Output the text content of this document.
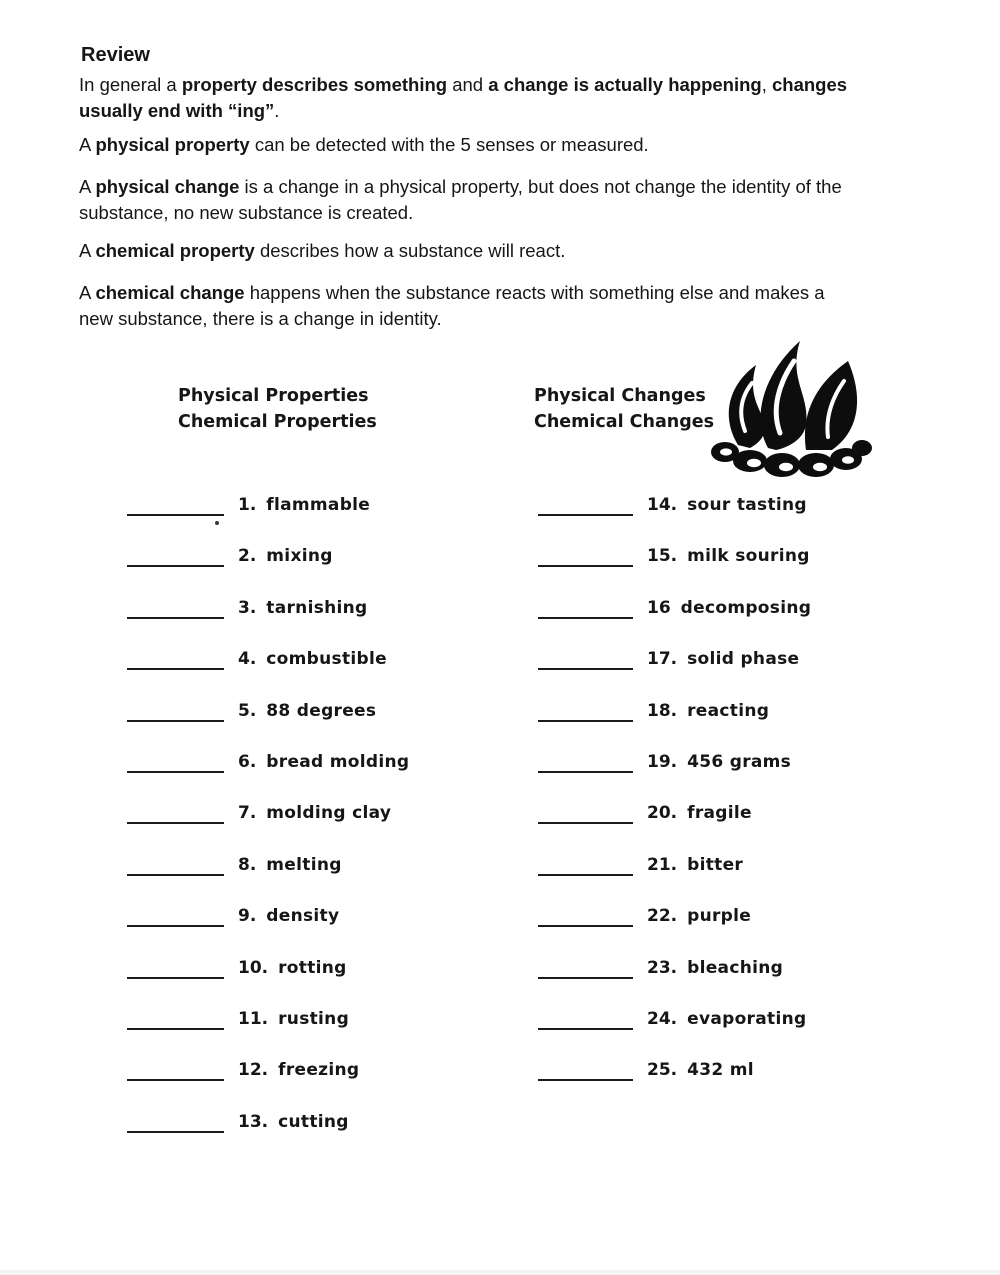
Review
In general a property describes something and a change is actually happening, changes
usually end with “ing”.
A physical property can be detected with the 5 senses or measured.
A physical change is a change in a physical property, but does not change the identity of the
substance, no new substance is created.
A chemical property describes how a substance will react.
A chemical change happens when the substance reacts with something else and makes a
new substance, there is a change in identity.
Physical Properties
Chemical Properties
Physical Changes
Chemical Changes
1. flammable
2. mixing
3. tarnishing
4. combustible
5. 88 degrees
6. bread molding
7. molding clay
8. melting
9. density
10. rotting
11. rusting
12. freezing
13. cutting
14. sour tasting
15. milk souring
16 decomposing
17. solid phase
18. reacting
19. 456 grams
20. fragile
21. bitter
22. purple
23. bleaching
24. evaporating
25. 432 ml
